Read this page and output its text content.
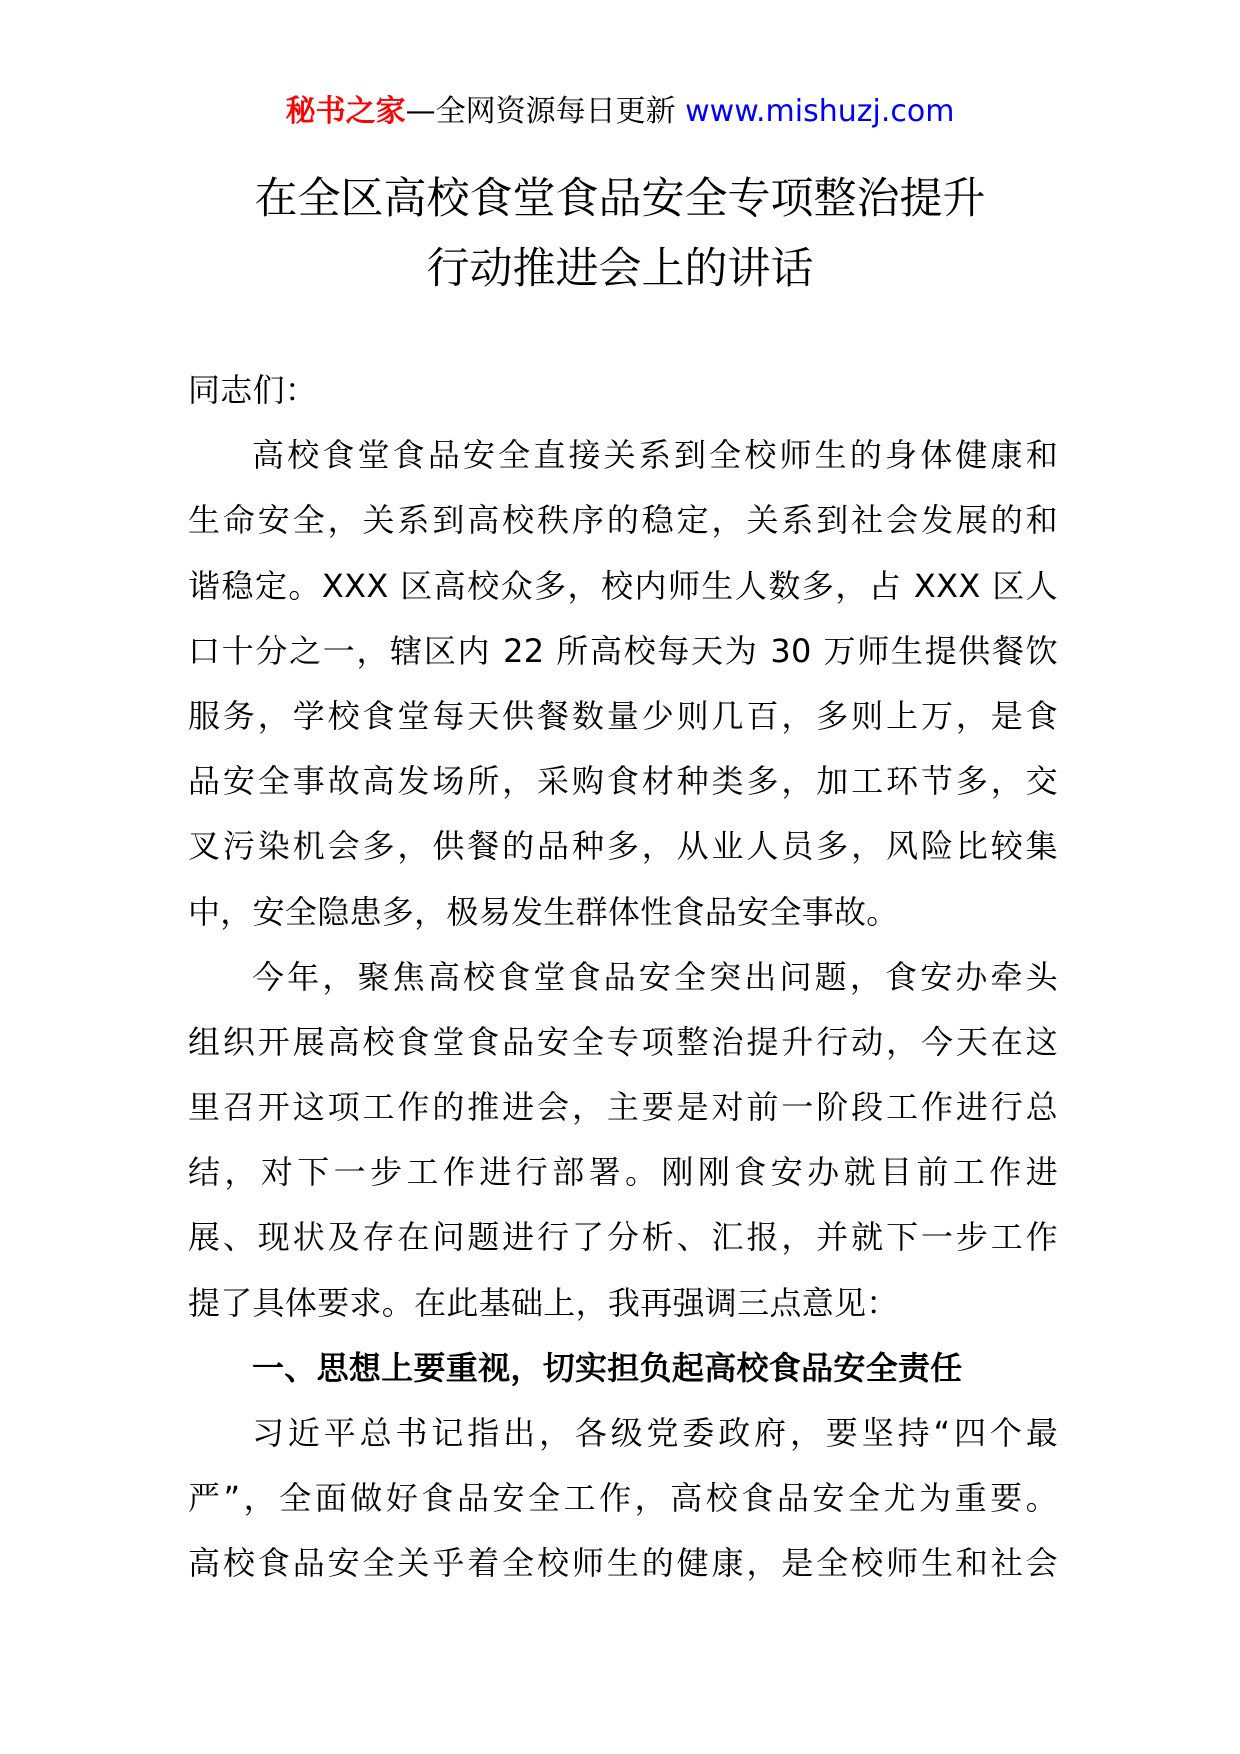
秘书之家—全网资源每日更新 www.mishuzj.com
在全区高校食堂食品安全专项整治提升
行动推进会上的讲话
同志们：
高校食堂食品安全直接关系到全校师生的身体健康和
生命安全，关系到高校秩序的稳定，关系到社会发展的和
谐稳定。XXX 区高校众多，校内师生人数多，占 XXX 区人
口十分之一，辖区内 22 所高校每天为 30 万师生提供餐饮
服务，学校食堂每天供餐数量少则几百，多则上万，是食
品安全事故高发场所，采购食材种类多，加工环节多，交
叉污染机会多，供餐的品种多，从业人员多，风险比较集
中，安全隐患多，极易发生群体性食品安全事故。
今年，聚焦高校食堂食品安全突出问题，食安办牵头
组织开展高校食堂食品安全专项整治提升行动，今天在这
里召开这项工作的推进会，主要是对前一阶段工作进行总
结，对下一步工作进行部署。刚刚食安办就目前工作进
展、现状及存在问题进行了分析、汇报，并就下一步工作
提了具体要求。在此基础上，我再强调三点意见：
一、思想上要重视，切实担负起高校食品安全责任
习近平总书记指出，各级党委政府，要坚持“四个最
严”，全面做好食品安全工作，高校食品安全尤为重要。
高校食品安全关乎着全校师生的健康，是全校师生和社会
